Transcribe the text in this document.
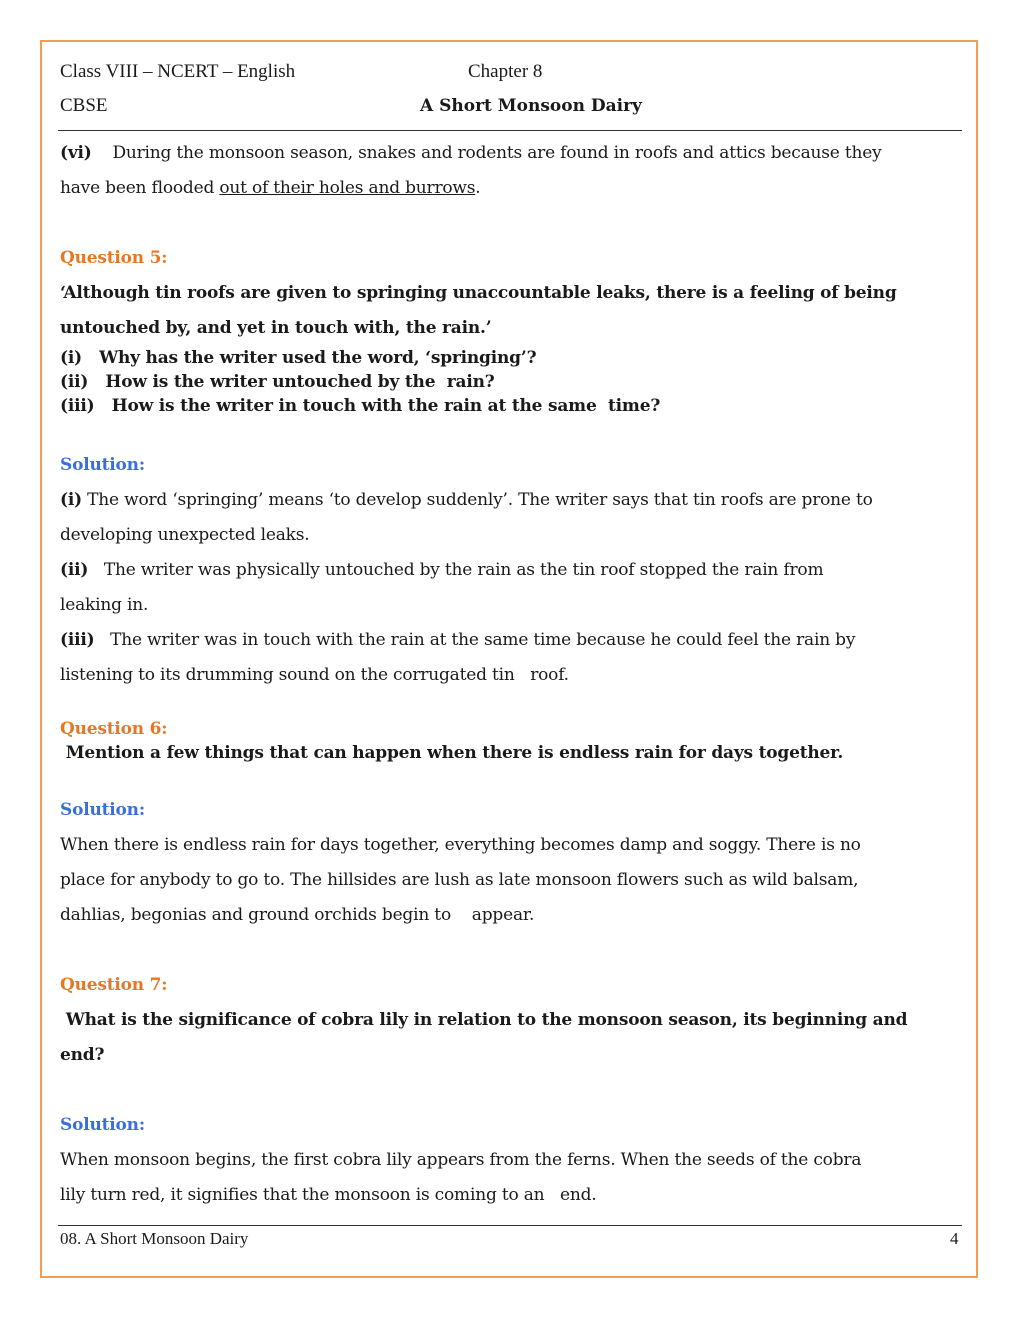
Class VIII – NCERT – English	Chapter 8
CBSE	A Short Monsoon Dairy

(vi) During the monsoon season, snakes and rodents are found in roofs and attics because they

have been flooded out of their holes and burrows.

Question 5:

‘Although tin roofs are given to springing unaccountable leaks, there is a feeling of being

untouched by, and yet in touch with, the rain.’

(i)   Why has the writer used the word, ‘springing’?

(ii)   How is the writer untouched by the  rain?

(iii)   How is the writer in touch with the rain at the same  time?

Solution:

(i) The word ‘springing’ means ‘to develop suddenly’. The writer says that tin roofs are prone to

developing unexpected leaks.

(ii)   The writer was physically untouched by the rain as the tin roof stopped the rain from

leaking in.

(iii)   The writer was in touch with the rain at the same time because he could feel the rain by

listening to its drumming sound on the corrugated tin   roof.

Question 6:

Mention a few things that can happen when there is endless rain for days together.

Solution:

When there is endless rain for days together, everything becomes damp and soggy. There is no

place for anybody to go to. The hillsides are lush as late monsoon flowers such as wild balsam,

dahlias, begonias and ground orchids begin to    appear.

Question 7:

What is the significance of cobra lily in relation to the monsoon season, its beginning and

end?

Solution:

When monsoon begins, the first cobra lily appears from the ferns. When the seeds of the cobra

lily turn red, it signifies that the monsoon is coming to an   end.

08. A Short Monsoon Dairy	4
